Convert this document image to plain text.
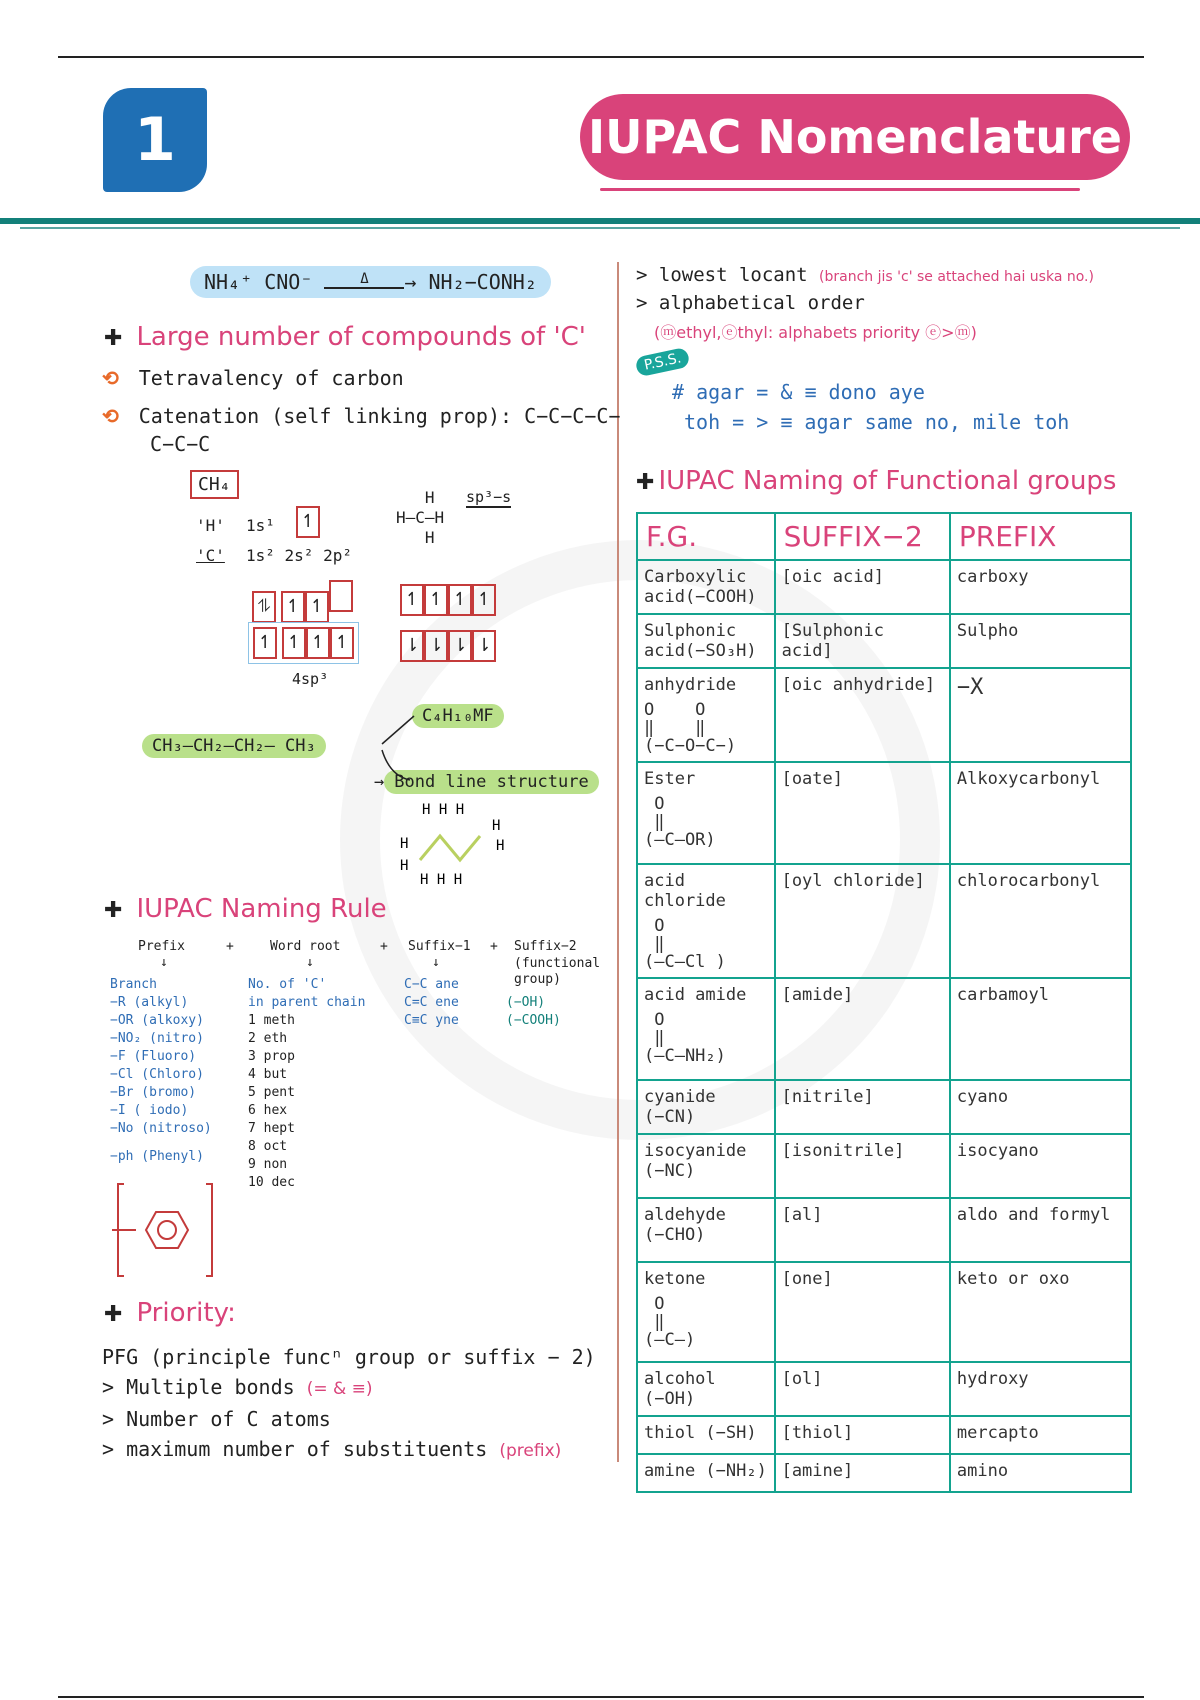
1	IUPAC Nomenclature
NH₄⁺ CNO⁻	Δ → NH₂−CONH₂
✚ Large number of compounds of 'C'
⟲ Tetravalency of carbon
⟲ Catenation (self linking prop): C−C−C−C−
C−C−C
CH₄
'H' 1s¹ ↿
'C' 1s² 2s² 2p²
⥮ ↿ ↿
↿ ↿ ↿ ↿
4sp³
↿ ↿ ↿ ↿
⇂ ⇂ ⇂ ⇂
H
H–C–H
H
sp³−s
CH₃—CH₂—CH₂— CH₃
C₄H₁₀MF
→ Bond line structure
H H H
H
H
H
H
H H H
✚ IUPAC Naming Rule
Prefix	+	Word root	+ Suffix−1 + Suffix−2
(functional group)
↓	↓	↓
Branch
−R (alkyl)
−OR (alkoxy)
−NO₂ (nitro)
−F (Fluoro)
−Cl (Chloro)
−Br (bromo)
−I ( iodo)
−No (nitroso)
−ph (Phenyl)
No. of 'C'
in parent chain
1 meth
2 eth
3 prop
4 but
5 pent
6 hex
7 hept
8 oct
9 non
10 dec
C−C ane
C=C ene
C≡C yne
(−OH)
(−COOH)
✚ Priority:
PFG (principle funcⁿ group or suffix − 2)
> Multiple bonds (= & ≡)
> Number of C atoms
> maximum number of substituents (prefix)
> lowest locant (branch jis 'c' se attached hai uska no.)
> alphabetical order
(ⓜethyl,ⓔthyl: alphabets priority ⓔ>ⓜ)
P.S.S.
# agar = & ≡ dono aye
toh = > ≡ agar same no, mile toh
✚ IUPAC Naming of Functional groups
F.G.	SUFFIX−2	PREFIX
Carboxylic acid(−COOH)	[oic acid]	carboxy
Sulphonic acid(−SO₃H)	[Sulphonic acid]	Sulpho

anhydride
O    O
‖    ‖
(−C−O−C−)	[oic anhydride]	−X

Ester
O
‖
(—C—OR)	[oate]	Alkoxycarbonyl

acid chloride
O
‖
(—C—Cl )	[oyl chloride]	chlorocarbonyl

acid amide
O
‖
(—C—NH₂)	[amide]	carbamoyl
cyanide (−CN)	[nitrile]	cyano
isocyanide (−NC)	[isonitrile]	isocyano
aldehyde (−CHO)	[al]	aldo and formyl

ketone
O
‖
(—C—)	[one]	keto or oxo
alcohol (−OH)	[ol]	hydroxy
thiol (−SH)	[thiol]	mercapto
amine (−NH₂)	[amine]	amino
